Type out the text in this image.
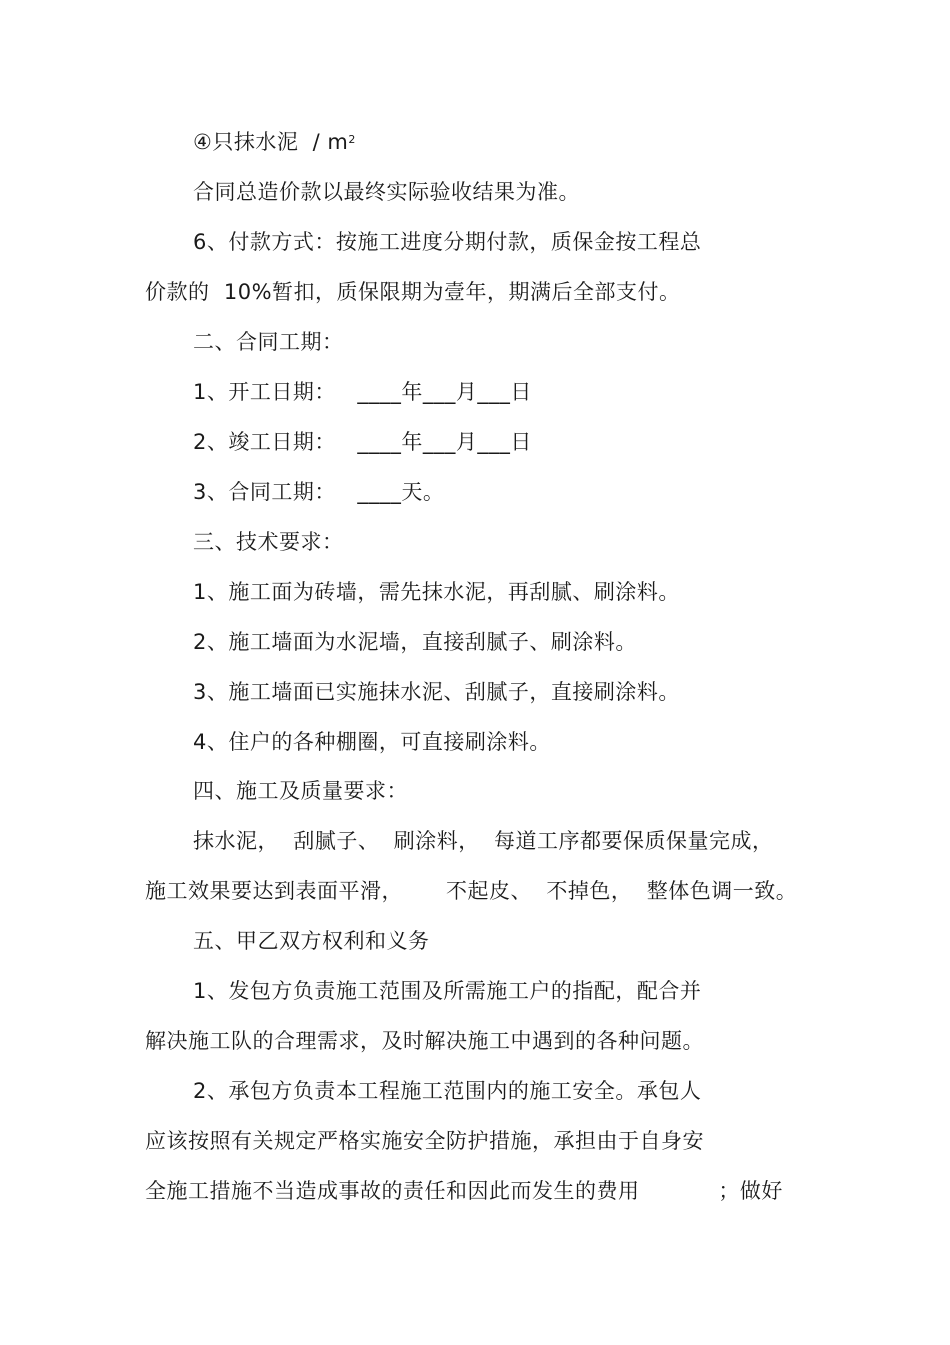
④只抹水泥  / $m^2$
合同总造价款以最终实际验收结果为准。
6、付款方式：按施工进度分期付款，质保金按工程总
价款的  10%暂扣，质保限期为壹年，期满后全部支付。
二、合同工期：
1、开工日期：   ____年___月___日
2、竣工日期：   ____年___月___日
3、合同工期：   ____天。
三、技术要求：
1、施工面为砖墙，需先抹水泥，再刮腻、刷涂料。
2、施工墙面为水泥墙，直接刮腻子、刷涂料。
3、施工墙面已实施抹水泥、刮腻子，直接刷涂料。
4、住户的各种棚圈，可直接刷涂料。
四、施工及质量要求：
抹水泥，  刮腻子、  刷涂料，  每道工序都要保质保量完成，
施工效果要达到表面平滑，      不起皮、  不掉色，  整体色调一致。
五、甲乙双方权利和义务
1、发包方负责施工范围及所需施工户的指配，配合并
解决施工队的合理需求，及时解决施工中遇到的各种问题。
2、承包方负责本工程施工范围内的施工安全。承包人
应该按照有关规定严格实施安全防护措施，承担由于自身安
全施工措施不当造成事故的责任和因此而发生的费用           ；做好
